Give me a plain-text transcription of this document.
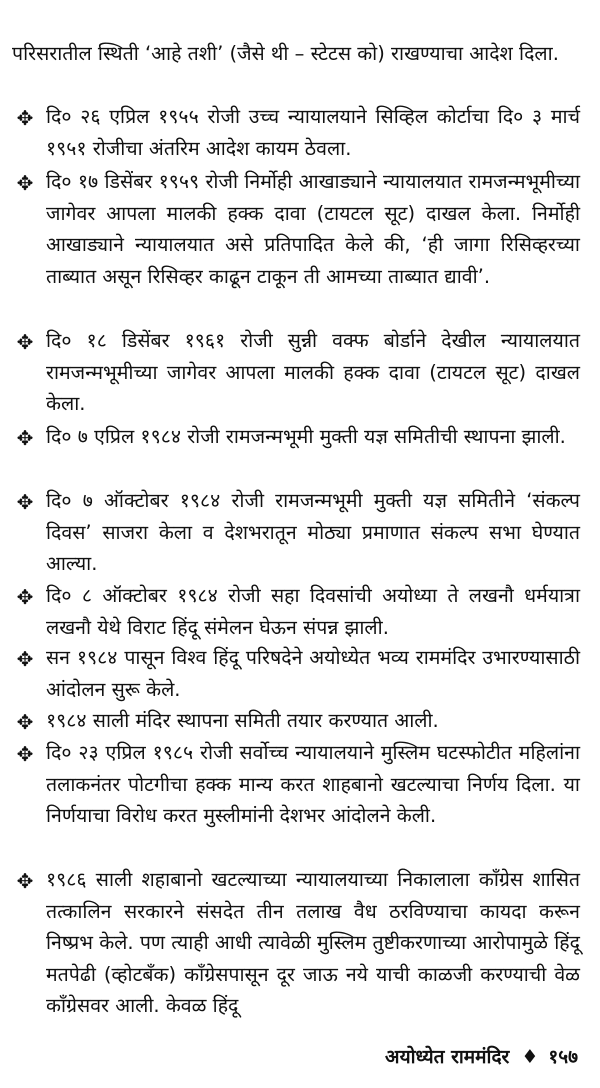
परिसरातील स्थिती ‘आहे तशी’ (जैसे थी – स्टेटस को) राखण्याचा आदेश दिला.
✥ दि० २६ एप्रिल १९५५ रोजी उच्च न्यायालयाने सिव्हिल कोर्टाचा दि० ३ मार्च १९५१ रोजीचा अंतरिम आदेश कायम ठेवला.
✥ दि० १७ डिसेंबर १९५९ रोजी निर्मोही आखाड्याने न्यायालयात रामजन्मभूमीच्या जागेवर आपला मालकी हक्क दावा (टायटल सूट) दाखल केला. निर्मोही आखाड्याने न्यायालयात असे प्रतिपादित केले की, ‘ही जागा रिसिव्हरच्या ताब्यात असून रिसिव्हर काढून टाकून ती आमच्या ताब्यात द्यावी’.
✥ दि० १८ डिसेंबर १९६१ रोजी सुन्नी वक्फ बोर्डाने देखील न्यायालयात रामजन्मभूमीच्या जागेवर आपला मालकी हक्क दावा (टायटल सूट) दाखल केला.
✥ दि० ७ एप्रिल १९८४ रोजी रामजन्मभूमी मुक्ती यज्ञ समितीची स्थापना झाली.
✥ दि० ७ ऑक्टोबर १९८४ रोजी रामजन्मभूमी मुक्ती यज्ञ समितीने ‘संकल्प दिवस’ साजरा केला व देशभरातून मोठ्या प्रमाणात संकल्प सभा घेण्यात आल्या.
✥ दि० ८ ऑक्टोबर १९८४ रोजी सहा दिवसांची अयोध्या ते लखनौ धर्मयात्रा लखनौ येथे विराट हिंदू संमेलन घेऊन संपन्न झाली.
✥ सन १९८४ पासून विश्व हिंदू परिषदेने अयोध्येत भव्य राममंदिर उभारण्यासाठी आंदोलन सुरू केले.
✥ १९८४ साली मंदिर स्थापना समिती तयार करण्यात आली.
✥ दि० २३ एप्रिल १९८५ रोजी सर्वोच्च न्यायालयाने मुस्लिम घटस्फोटीत महिलांना तलाकनंतर पोटगीचा हक्क मान्य करत शाहबानो खटल्याचा निर्णय दिला. या निर्णयाचा विरोध करत मुस्लीमांनी देशभर आंदोलने केली.
✥ १९८६ साली शहाबानो खटल्याच्या न्यायालयाच्या निकालाला कॉंग्रेस शासित तत्कालिन सरकारने संसदेत तीन तलाख वैध ठरविण्याचा कायदा करून निष्प्रभ केले. पण त्याही आधी त्यावेळी मुस्लिम तुष्टीकरणाच्या आरोपामुळे हिंदू मतपेढी (व्होटबँक) कॉंग्रेसपासून दूर जाऊ नये याची काळजी करण्याची वेळ कॉंग्रेसवर आली. केवळ हिंदू
अयोध्येत राममंदिर ♦ १५७
